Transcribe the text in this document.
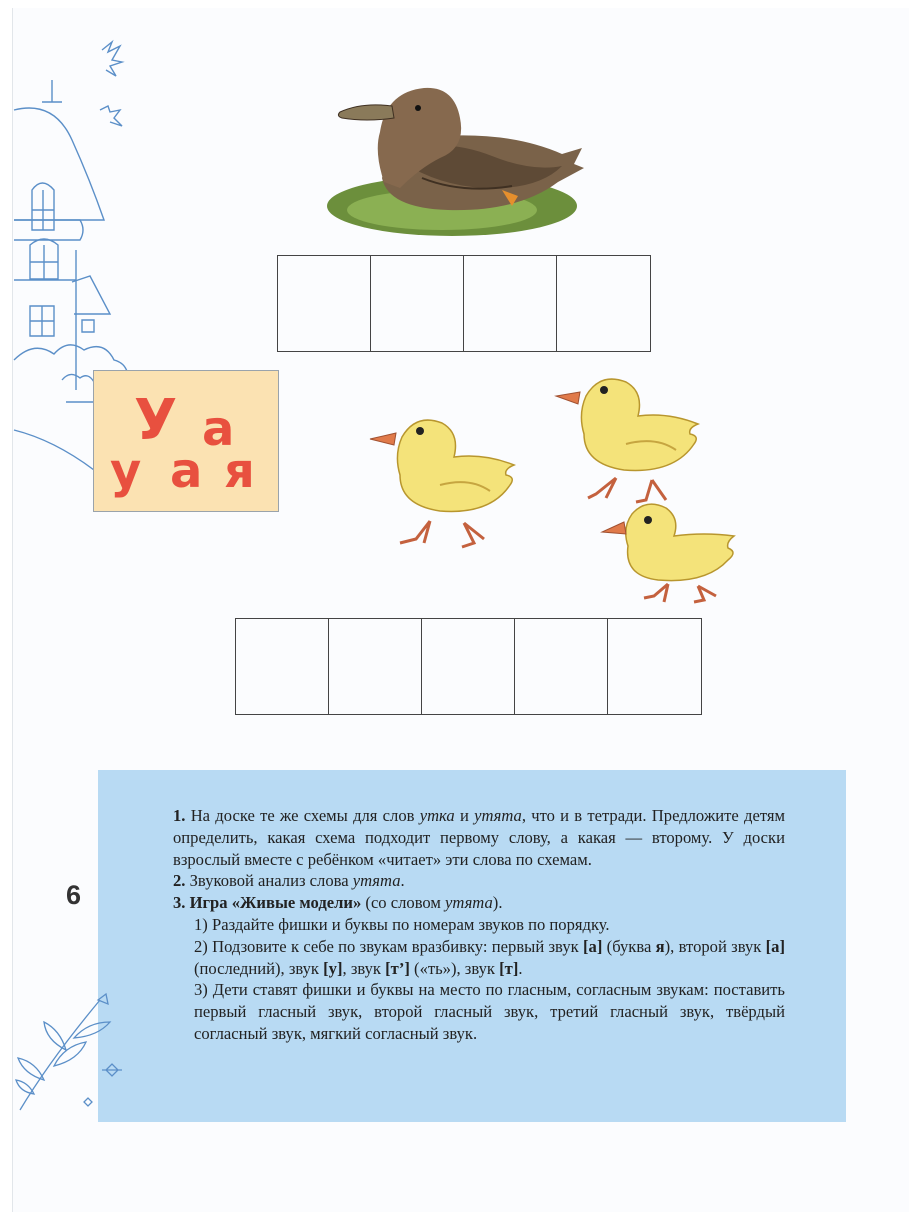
У а
у а я
6

1. На доске те же схемы для слов утка и утята, что и в тетради. Предложите детям определить, какая схема подходит первому слову, а какая — второму. У доски взрослый вместе с ребёнком «читает» эти слова по схемам.

2. Звуковой анализ слова утята.

3. Игра «Живые модели» (со словом утята).

1) Раздайте фишки и буквы по номерам звуков по порядку.

2) Подзовите к себе по звукам вразбивку: первый звук [а] (буква я), второй звук [а] (последний), звук [у], звук [т’] («ть»), звук [т].

3) Дети ставят фишки и буквы на место по гласным, согласным звукам: поставить первый гласный звук, второй гласный звук, третий гласный звук, твёрдый согласный звук, мягкий согласный звук.
